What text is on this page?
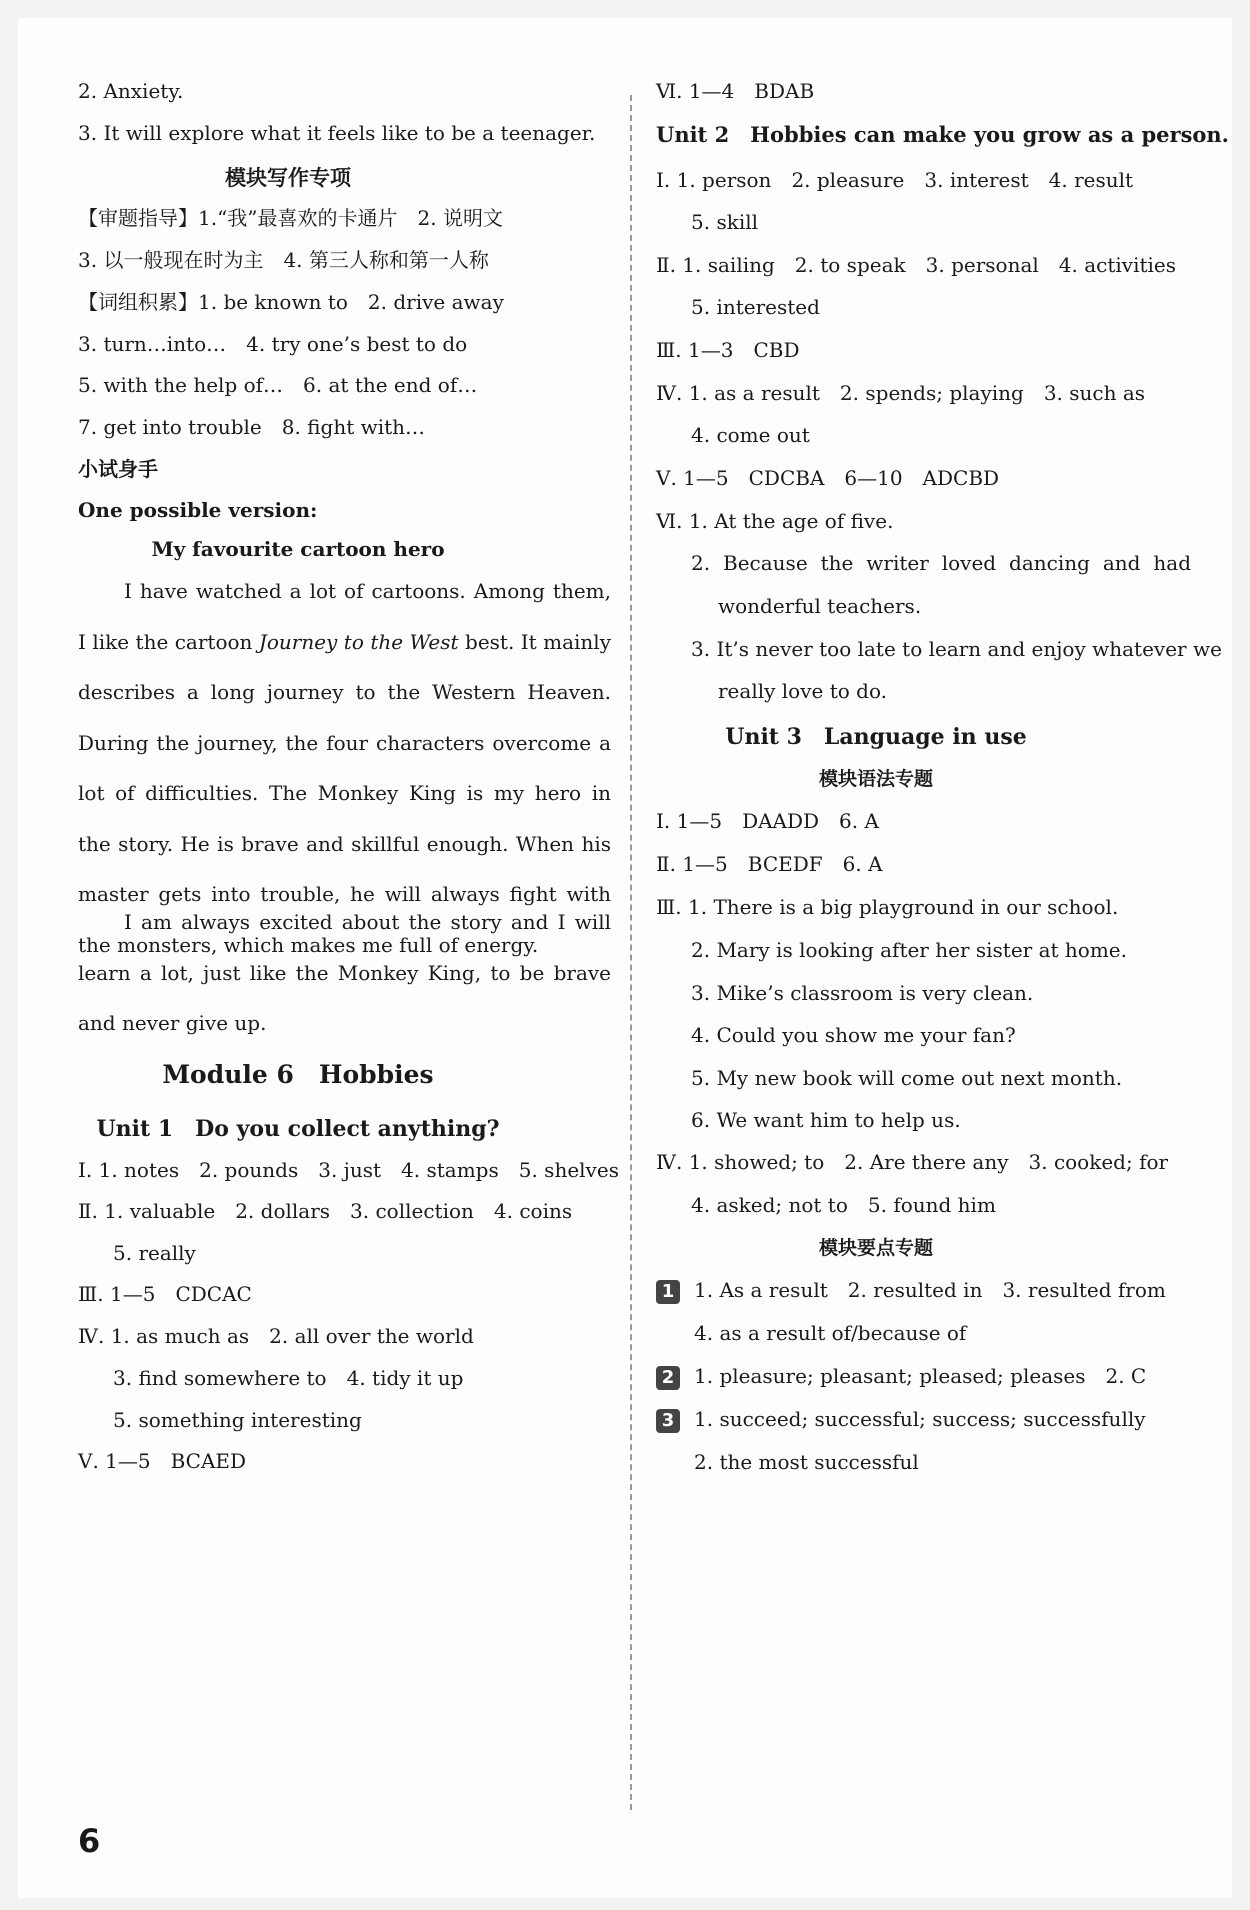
2. Anxiety.
3. It will explore what it feels like to be a teenager.
模块写作专项
【审题指导】1.“我”最喜欢的卡通片　2. 说明文
3. 以一般现在时为主　4. 第三人称和第一人称
【词组积累】1. be known to　2. drive away
3. turn…into…　4. try one’s best to do
5. with the help of…　6. at the end of…
7. get into trouble　8. fight with…
小试身手
One possible version:
My favourite cartoon hero
I have watched a lot of cartoons. Among them, I like the cartoon Journey to the West best. It mainly describes a long journey to the Western Heaven. During the journey, the four characters overcome a lot of difficulties. The Monkey King is my hero in the story. He is brave and skillful enough. When his master gets into trouble, he will always fight with the monsters, which makes me full of energy.
I am always excited about the story and I will learn a lot, just like the Monkey King, to be brave and never give up.
Module 6　Hobbies
Unit 1　Do you collect anything?
Ⅰ. 1. notes　2. pounds　3. just　4. stamps　5. shelves
Ⅱ. 1. valuable　2. dollars　3. collection　4. coins
5. really
Ⅲ. 1—5　CDCAC
Ⅳ. 1. as much as　2. all over the world
3. find somewhere to　4. tidy it up
5. something interesting
Ⅴ. 1—5　BCAED
Ⅵ. 1—4　BDAB
Unit 2　Hobbies can make you grow as a person.
Ⅰ. 1. person　2. pleasure　3. interest　4. result
5. skill
Ⅱ. 1. sailing　2. to speak　3. personal　4. activities
5. interested
Ⅲ. 1—3　CBD
Ⅳ. 1. as a result　2. spends; playing　3. such as
4. come out
Ⅴ. 1—5　CDCBA　6—10　ADCBD
Ⅵ. 1. At the age of five.
2. Because the writer loved dancing and had
wonderful teachers.
3. It’s never too late to learn and enjoy whatever we
really love to do.
Unit 3　Language in use
模块语法专题
Ⅰ. 1—5　DAADD　6. A
Ⅱ. 1—5　BCEDF　6. A
Ⅲ. 1. There is a big playground in our school.
2. Mary is looking after her sister at home.
3. Mike’s classroom is very clean.
4. Could you show me your fan?
5. My new book will come out next month.
6. We want him to help us.
Ⅳ. 1. showed; to　2. Are there any　3. cooked; for
4. asked; not to　5. found him
模块要点专题
1 1. As a result　2. resulted in　3. resulted from
4. as a result of/because of
2 1. pleasure; pleasant; pleased; pleases　2. C
3 1. succeed; successful; success; successfully
2. the most successful
6
